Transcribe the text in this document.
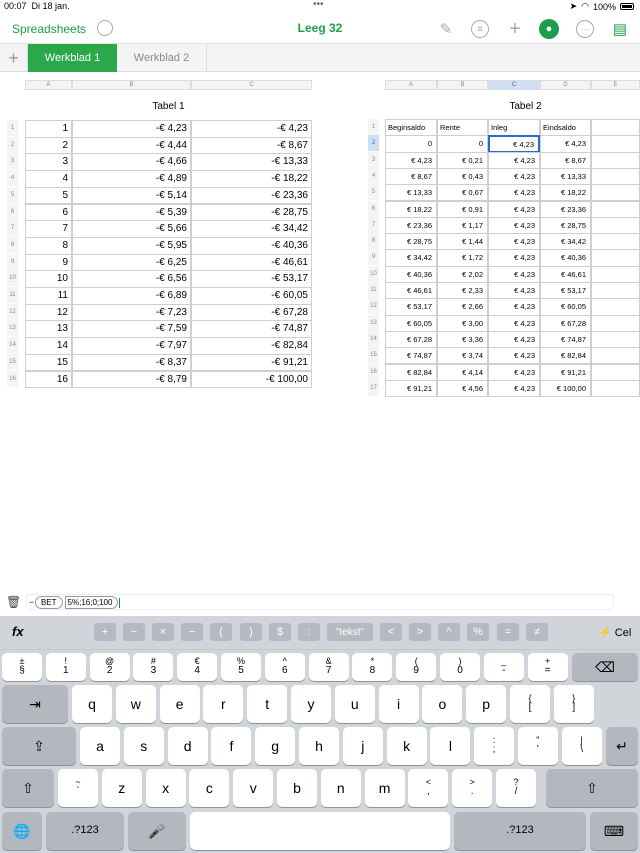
00:07 Di 18 jan.	•••	➤ ◠ 100%
Leeg 32
Spreadsheets	✎	≡	+	●	···	▤
+	Werkblad 1	Werkblad 2
A	B	C
Tabel 1
1	1	-€ 4,23	-€ 4,23
2	2	-€ 4,44	-€ 8,67
3	3	-€ 4,66	-€ 13,33
4	4	-€ 4,89	-€ 18,22
5	5	-€ 5,14	-€ 23,36
6	6	-€ 5,39	-€ 28,75
7	7	-€ 5,66	-€ 34,42
8	8	-€ 5,95	-€ 40,36
9	9	-€ 6,25	-€ 46,61
10	10	-€ 6,56	-€ 53,17
11	11	-€ 6,89	-€ 60,05
12	12	-€ 7,23	-€ 67,28
13	13	-€ 7,59	-€ 74,87
14	14	-€ 7,97	-€ 82,84
15	15	-€ 8,37	-€ 91,21
16	16	-€ 8,79	-€ 100,00
A	B	C	D	E
Tabel 2
1	Beginsaldo	Rente	Inleg	Eindsaldo
2	0	0	€ 4,23	€ 4,23
3	€ 4,23	€ 0,21	€ 4,23	€ 8,67
4	€ 8,67	€ 0,43	€ 4,23	€ 13,33
5	€ 13,33	€ 0,67	€ 4,23	€ 18,22
6	€ 18,22	€ 0,91	€ 4,23	€ 23,36
7	€ 23,36	€ 1,17	€ 4,23	€ 28,75
8	€ 28,75	€ 1,44	€ 4,23	€ 34,42
9	€ 34,42	€ 1,72	€ 4,23	€ 40,36
10	€ 40,36	€ 2,02	€ 4,23	€ 46,61
11	€ 46,61	€ 2,33	€ 4,23	€ 53,17
12	€ 53,17	€ 2,66	€ 4,23	€ 60,05
13	€ 60,05	€ 3,00	€ 4,23	€ 67,28
14	€ 67,28	€ 3,36	€ 4,23	€ 74,87
15	€ 74,87	€ 3,74	€ 4,23	€ 82,84
16	€ 82,84	€ 4,14	€ 4,23	€ 91,21
17	€ 91,21	€ 4,56	€ 4,23	€ 100,00
🗑 − BET 5%;16;0;100
fx	+	−	×	÷	(	)	$	:	"tekst"	<	>	^	%	=	≠	⚡ Cel
±
§
!
1
@
2
#
3
€
4
%
5
^
6
&
7
*
8
(
9
)
0
_
-
+
=	⌫
⇥	q w e	r	t	y	u	i	o	p	{
[
}
]
⇪	a	s	d	f	g	h	j	k	l	:
;
"
'
|
\	↵
⇧	~
`	z	x	c	v	b	n m	<
,
>
.
?
/	⇧
🌐	.?123	🎤	.?123	⌨
